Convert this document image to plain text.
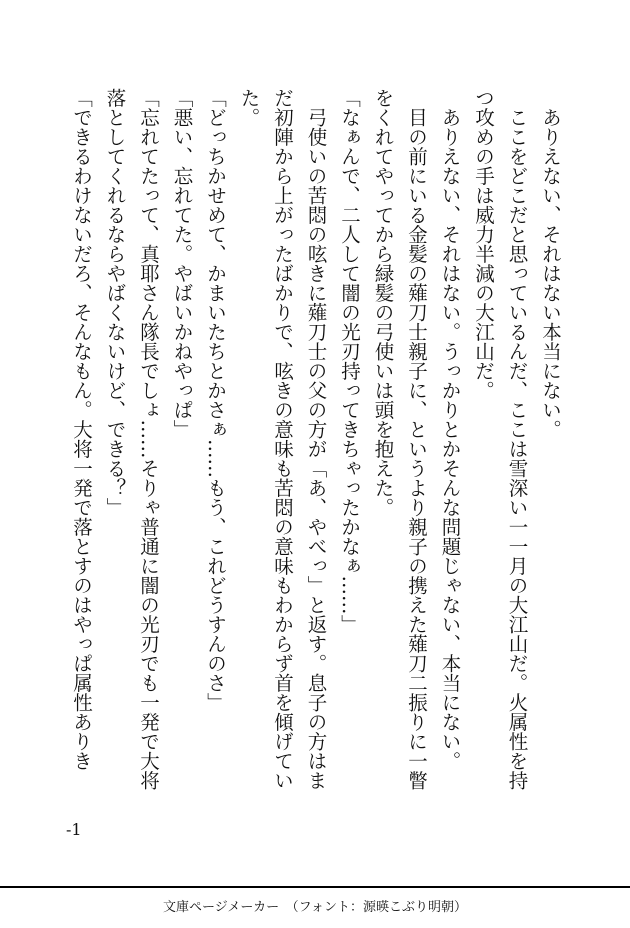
　ありえない、それはない本当にない。

　ここをどこだと思っているんだ、ここは雪深い一一月の大江山だ。火属性を持つ攻めの手は威力半減の大江山だ。

　ありえない、それはない。うっかりとかそんな問題じゃない、本当にない。

　目の前にいる金髪の薙刀士親子に、というより親子の携えた薙刀二振りに一瞥をくれてやってから緑髪の弓使いは頭を抱えた。

「なぁんで、二人して闇の光刃持ってきちゃったかなぁ……」

　弓使いの苦悶の呟きに薙刀士の父の方が「あ、やべっ」と返す。息子の方はまだ初陣から上がったばかりで、呟きの意味も苦悶の意味もわからず首を傾げていた。

「どっちかせめて、かまいたちとかさぁ……もう、これどうすんのさ」

「悪い、忘れてた。やばいかねやっぱ」

「忘れてたって、真耶さん隊長でしょ……そりゃ普通に闇の光刃でも一発で大将落としてくれるならやばくないけど、できる？」

「できるわけないだろ、そんなもん。大将一発で落とすのはやっぱ属性ありき

-1
文庫ページメーカー　（フォント：源暎こぶり明朝）
